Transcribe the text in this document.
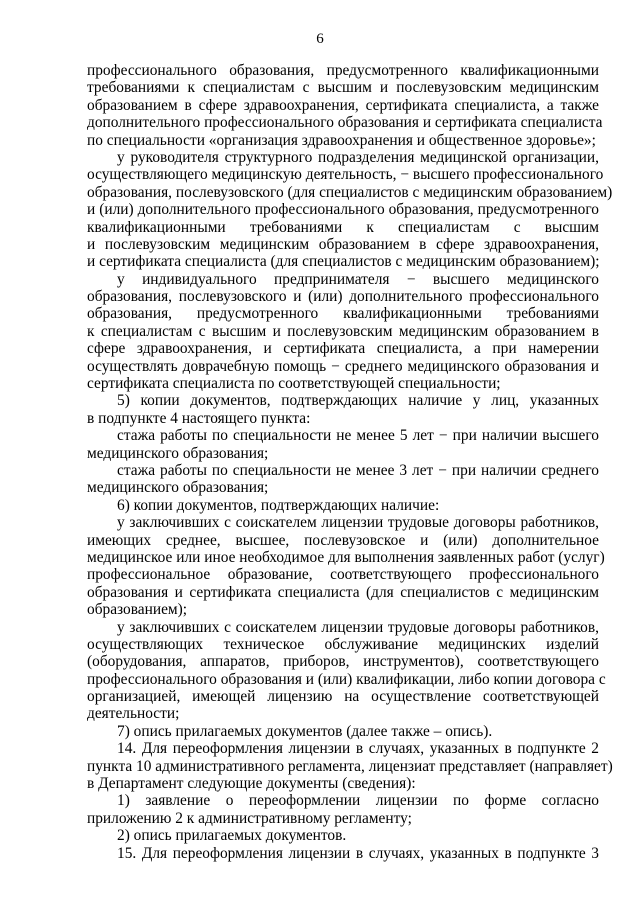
6
профессионального образования, предусмотренного квалификационными
требованиями к специалистам с высшим и послевузовским медицинским
образованием в сфере здравоохранения, сертификата специалиста, а также
дополнительного профессионального образования и сертификата специалиста
по специальности «организация здравоохранения и общественное здоровье»;
у руководителя структурного подразделения медицинской организации,
осуществляющего медицинскую деятельность, − высшего профессионального
образования, послевузовского (для специалистов с медицинским образованием)
и (или) дополнительного профессионального образования, предусмотренного
квалификационными требованиями к специалистам с высшим
и послевузовским медицинским образованием в сфере здравоохранения,
и сертификата специалиста (для специалистов с медицинским образованием);
у индивидуального предпринимателя − высшего медицинского
образования, послевузовского и (или) дополнительного профессионального
образования, предусмотренного квалификационными требованиями
к специалистам с высшим и послевузовским медицинским образованием в
сфере здравоохранения, и сертификата специалиста, а при намерении
осуществлять доврачебную помощь − среднего медицинского образования и
сертификата специалиста по соответствующей специальности;
5) копии документов, подтверждающих наличие у лиц, указанных
в подпункте 4 настоящего пункта:
стажа работы по специальности не менее 5 лет − при наличии высшего
медицинского образования;
стажа работы по специальности не менее 3 лет − при наличии среднего
медицинского образования;
6) копии документов, подтверждающих наличие:
у заключивших с соискателем лицензии трудовые договоры работников,
имеющих среднее, высшее, послевузовское и (или) дополнительное
медицинское или иное необходимое для выполнения заявленных работ (услуг)
профессиональное образование, соответствующего профессионального
образования и сертификата специалиста (для специалистов с медицинским
образованием);
у заключивших с соискателем лицензии трудовые договоры работников,
осуществляющих техническое обслуживание медицинских изделий
(оборудования, аппаратов, приборов, инструментов), соответствующего
профессионального образования и (или) квалификации, либо копии договора с
организацией, имеющей лицензию на осуществление соответствующей
деятельности;
7) опись прилагаемых документов (далее также – опись).
14. Для переоформления лицензии в случаях, указанных в подпункте 2
пункта 10 административного регламента, лицензиат представляет (направляет)
в Департамент следующие документы (сведения):
1) заявление о переоформлении лицензии по форме согласно
приложению 2 к административному регламенту;
2) опись прилагаемых документов.
15. Для переоформления лицензии в случаях, указанных в подпункте 3
